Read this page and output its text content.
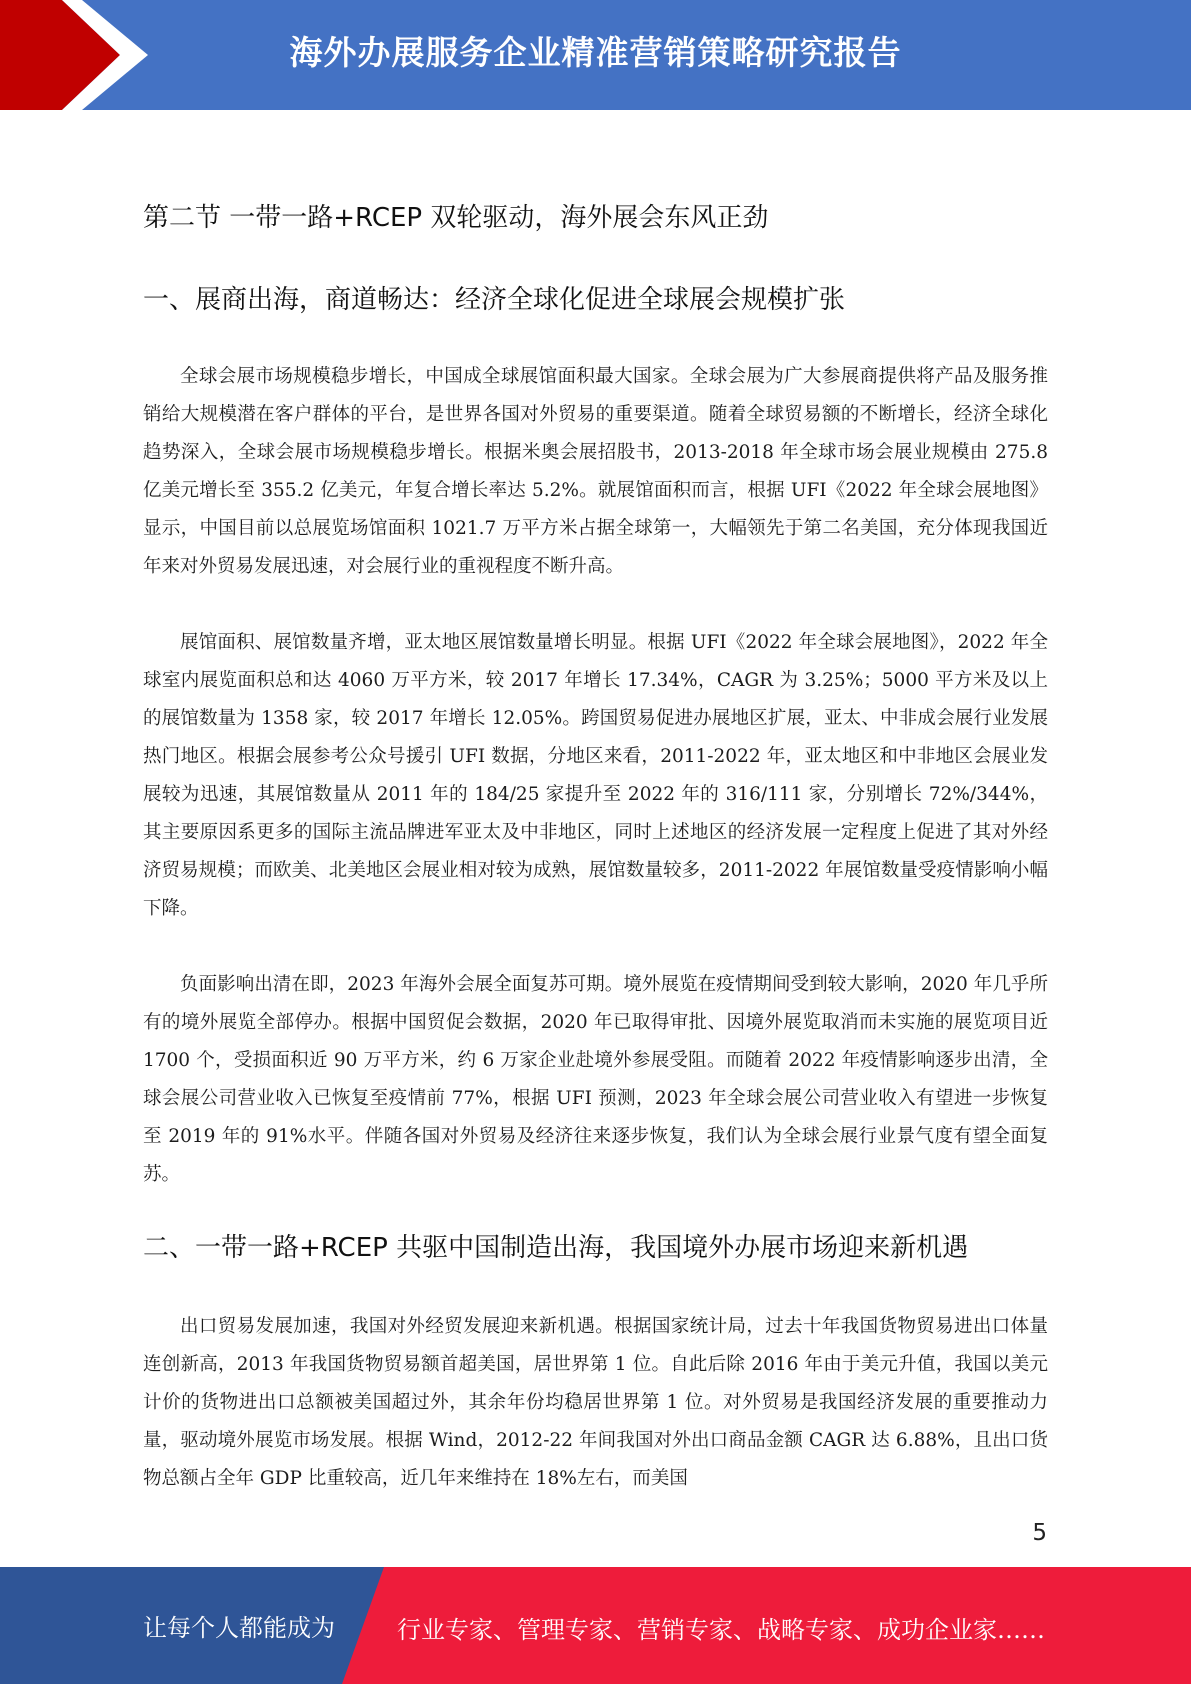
海外办展服务企业精准营销策略研究报告
第二节 一带一路+RCEP 双轮驱动，海外展会东风正劲
一、展商出海，商道畅达：经济全球化促进全球展会规模扩张

全球会展市场规模稳步增长，中国成全球展馆面积最大国家。全球会展为广大参展商提供将产品及服务推销给大规模潜在客户群体的平台，是世界各国对外贸易的重要渠道。随着全球贸易额的不断增长，经济全球化趋势深入，全球会展市场规模稳步增长。根据米奥会展招股书，2013-2018 年全球市场会展业规模由 275.8 亿美元增长至 355.2 亿美元，年复合增长率达 5.2%。就展馆面积而言，根据 UFI《2022 年全球会展地图》显示，中国目前以总展览场馆面积 1021.7 万平方米占据全球第一，大幅领先于第二名美国，充分体现我国近年来对外贸易发展迅速，对会展行业的重视程度不断升高。

展馆面积、展馆数量齐增，亚太地区展馆数量增长明显。根据 UFI《2022 年全球会展地图》，2022 年全球室内展览面积总和达 4060 万平方米，较 2017 年增长 17.34%，CAGR 为 3.25%；5000 平方米及以上的展馆数量为 1358 家，较 2017 年增长 12.05%。跨国贸易促进办展地区扩展，亚太、中非成会展行业发展热门地区。根据会展参考公众号援引 UFI 数据，分地区来看，2011-2022 年，亚太地区和中非地区会展业发展较为迅速，其展馆数量从 2011 年的 184/25 家提升至 2022 年的 316/111 家，分别增长 72%/344%，其主要原因系更多的国际主流品牌进军亚太及中非地区，同时上述地区的经济发展一定程度上促进了其对外经济贸易规模；而欧美、北美地区会展业相对较为成熟，展馆数量较多，2011-2022 年展馆数量受疫情影响小幅下降。

负面影响出清在即，2023 年海外会展全面复苏可期。境外展览在疫情期间受到较大影响，2020 年几乎所有的境外展览全部停办。根据中国贸促会数据，2020 年已取得审批、因境外展览取消而未实施的展览项目近 1700 个，受损面积近 90 万平方米，约 6 万家企业赴境外参展受阻。而随着 2022 年疫情影响逐步出清，全球会展公司营业收入已恢复至疫情前 77%，根据 UFI 预测，2023 年全球会展公司营业收入有望进一步恢复至 2019 年的 91%水平。伴随各国对外贸易及经济往来逐步恢复，我们认为全球会展行业景气度有望全面复苏。

二、一带一路+RCEP 共驱中国制造出海，我国境外办展市场迎来新机遇

出口贸易发展加速，我国对外经贸发展迎来新机遇。根据国家统计局，过去十年我国货物贸易进出口体量连创新高，2013 年我国货物贸易额首超美国，居世界第 1 位。自此后除 2016 年由于美元升值，我国以美元计价的货物进出口总额被美国超过外，其余年份均稳居世界第 1 位。对外贸易是我国经济发展的重要推动力量，驱动境外展览市场发展。根据 Wind，2012-22 年间我国对外出口商品金额 CAGR 达 6.88%，且出口货物总额占全年 GDP 比重较高，近几年来维持在 18%左右，而美国

5
让每个人都能成为	行业专家、管理专家、营销专家、战略专家、成功企业家……
